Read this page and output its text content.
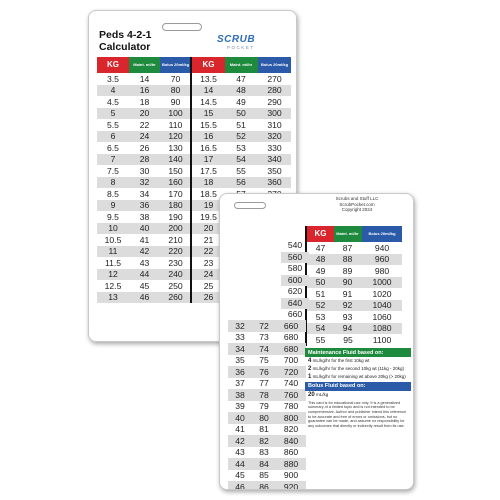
Peds 4-2-1
Calculator
SCRUB
POCKET
KG	Maint. ml/hr	Bolus 20ml/kg
3.5	14	70
4	16	80
4.5	18	90
5	20	100
5.5	22	110
6	24	120
6.5	26	130
7	28	140
7.5	30	150
8	32	160
8.5	34	170
9	36	180
9.5	38	190
10	40	200
10.5	41	210
11	42	220
11.5	43	230
12	44	240
12.5	45	250
13	46	260
KG	Maint. ml/hr	Bolus 20ml/kg
13.5	47	270
14	48	280
14.5	49	290
15	50	300
15.5	51	310
16	52	320
16.5	53	330
17	54	340
17.5	55	350
18	56	360
18.5		
19		
19.5		
20		
21		
22		
23		
24		
25		
26		
Scrubs and Stuff LLC
ScrubPocket.com
Copyright 2024
KG	Maint. ml/hr	Bolus 20ml/kg
47	87	940
48	88	960
49	89	980
50	90	1000
51	91	1020
52	92	1040
53	93	1060
54	94	1080
55	95	1100
32	72	660
33	73	680
34	74	680
35	75	700
36	76	720
37	77	740
38	78	760
39	79	780
40	80	800
41	81	820
42	82	840
43	83	860
44	84	880
45	85	900
46	86	920
Maintenance Fluid based on:
4 mL/kg/hr for the first 10kg wt
2 mL/kg/hr for the second 10kg wt (11kg - 20kg)
1 mL/kg/hr for remaining wt above 20kg (> 20kg)
Bolus Fluid based on:
20 mL/kg
This card is for educational use only. It is a generalized summary of a limited topic and is not intended to be comprehensive. Author and publisher intend this reference to be accurate and free of errors or omissions, but no guarantee can be made, and assume no responsibility for any outcomes that directly or indirectly result from its use.
540
560
580
600
620
640
660
